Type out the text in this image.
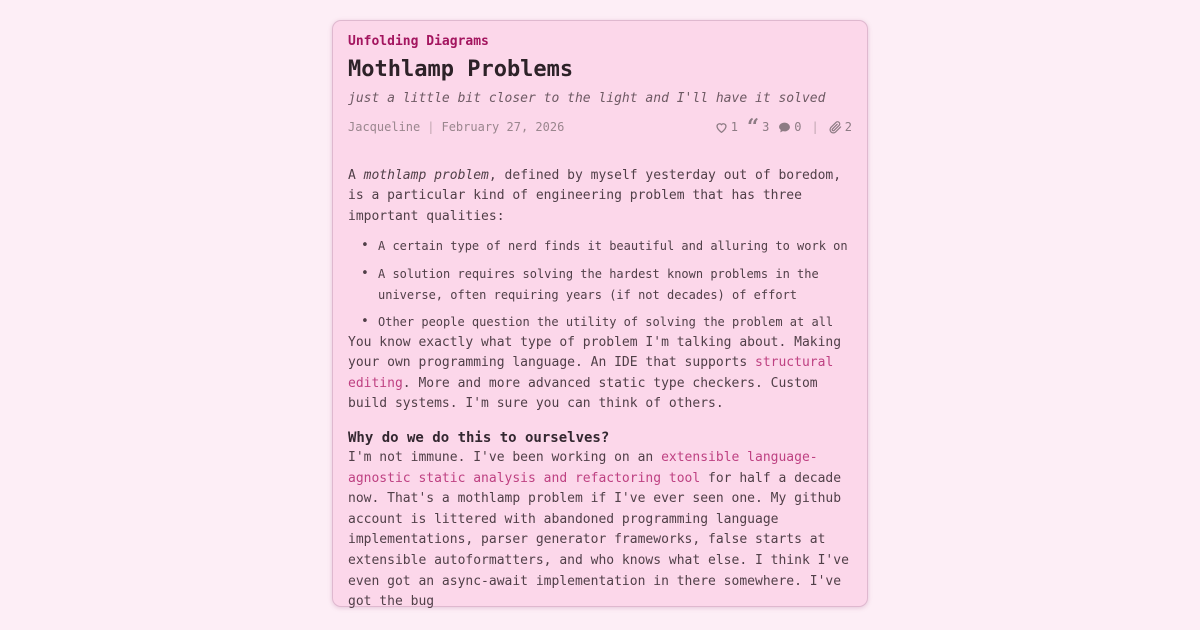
Unfolding Diagrams
Mothlamp Problems
just a little bit closer to the light and I'll have it solved
Jacqueline | February 27, 2026	1 “ 3 0 | 2

A mothlamp problem, defined by myself yesterday out of boredom, is a particular kind of engineering problem that has three important qualities:

• A certain type of nerd finds it beautiful and alluring to work on
• A solution requires solving the hardest known problems in the universe, often requiring years (if not decades) of effort
• Other people question the utility of solving the problem at all

You know exactly what type of problem I'm talking about. Making your own programming language. An IDE that supports structural editing. More and more advanced static type checkers. Custom build systems. I'm sure you can think of others.

Why do we do this to ourselves?

I'm not immune. I've been working on an extensible language-agnostic static analysis and refactoring tool for half a decade now. That's a mothlamp problem if I've ever seen one. My github account is littered with abandoned programming language implementations, parser generator frameworks, false starts at extensible autoformatters, and who knows what else. I think I've even got an async-await implementation in there somewhere. I've got the bug
